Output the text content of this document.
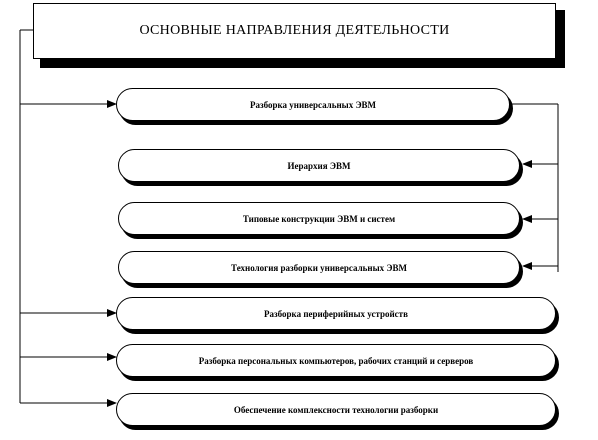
ОСНОВНЫЕ НАПРАВЛЕНИЯ ДЕЯТЕЛЬНОСТИ
Разборка универсальных ЭВМ
Иерархия ЭВМ
Типовые конструкции ЭВМ и систем
Технология разборки универсальных ЭВМ
Разборка периферийных устройств
Разборка персональных компьютеров, рабочих станций и серверов
Обеспечение комплексности технологии разборки
